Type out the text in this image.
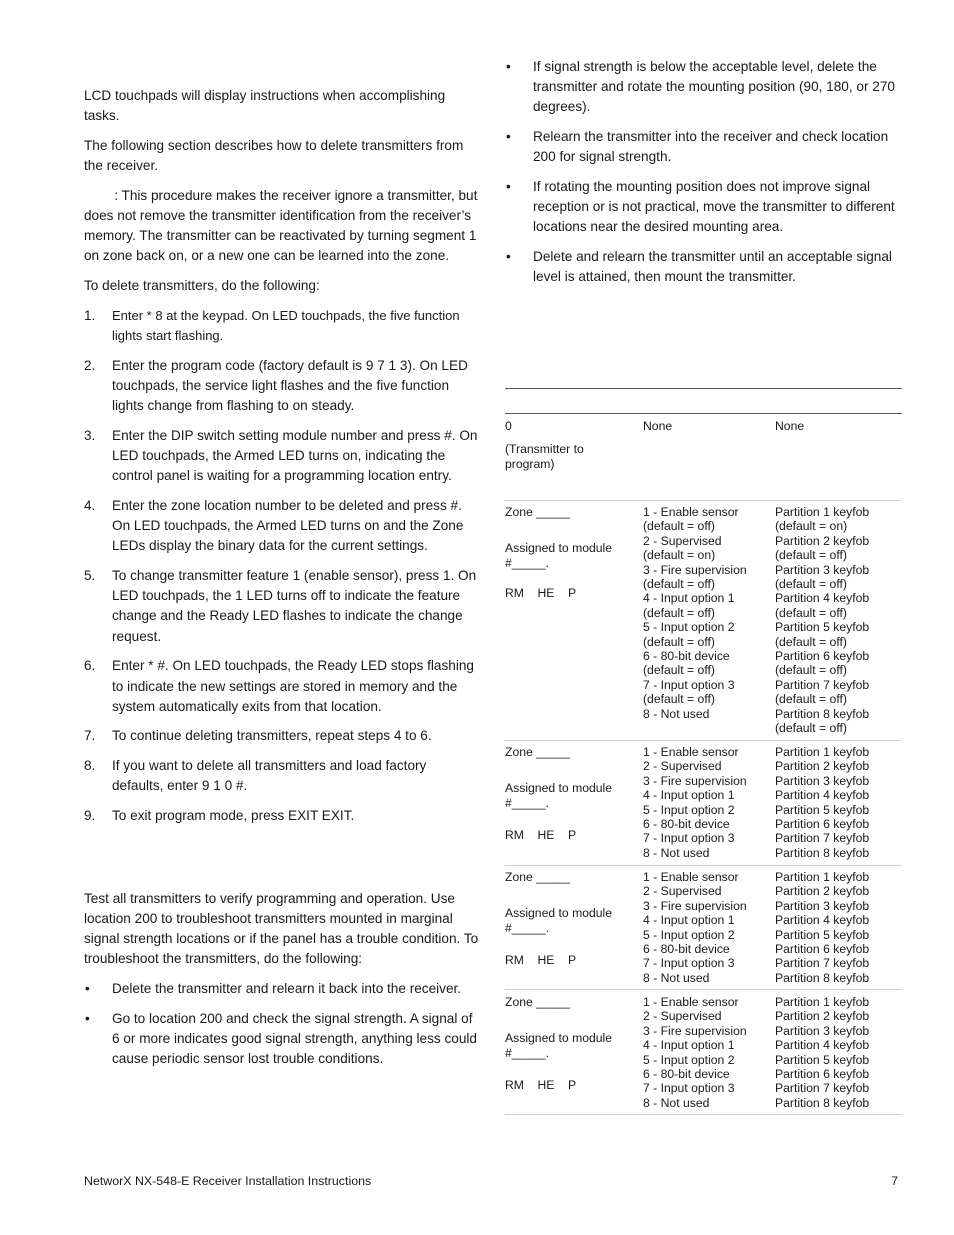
LCD touchpads will display instructions when accomplishing tasks.

The following section describes how to delete transmitters from the receiver.

: This procedure makes the receiver ignore a transmitter, but does not remove the transmitter identification from the receiver’s memory. The transmitter can be reactivated by turning segment 1 on zone back on, or a new one can be learned into the zone.

To delete transmitters, do the following:

1. Enter * 8 at the keypad. On LED touchpads, the five function lights start flashing.
2. Enter the program code (factory default is 9 7 1 3). On LED touchpads, the service light flashes and the five function lights change from flashing to on steady.
3. Enter the DIP switch setting module number and press #. On LED touchpads, the Armed LED turns on, indicating the control panel is waiting for a programming location entry.
4. Enter the zone location number to be deleted and press #. On LED touchpads, the Armed LED turns on and the Zone LEDs display the binary data for the current settings.
5. To change transmitter feature 1 (enable sensor), press 1. On LED touchpads, the 1 LED turns off to indicate the feature change and the Ready LED flashes to indicate the change request.
6. Enter * #. On LED touchpads, the Ready LED stops flashing to indicate the new settings are stored in memory and the system automatically exits from that location.
7. To continue deleting transmitters, repeat steps 4 to 6.
8. If you want to delete all transmitters and load factory defaults, enter 9 1 0 #.
9. To exit program mode, press EXIT EXIT.

Test all transmitters to verify programming and operation. Use location 200 to troubleshoot transmitters mounted in marginal signal strength locations or if the panel has a trouble condition. To troubleshoot the transmitters, do the following:

• Delete the transmitter and relearn it back into the receiver.
• Go to location 200 and check the signal strength. A signal of 6 or more indicates good signal strength, anything less could cause periodic sensor lost trouble conditions.
• If signal strength is below the acceptable level, delete the transmitter and rotate the mounting position (90, 180, or 270 degrees).
• Relearn the transmitter into the receiver and check location 200 for signal strength.
• If rotating the mounting position does not improve signal reception or is not practical, move the transmitter to different locations near the desired mounting area.
• Delete and relearn the transmitter until an acceptable signal level is attained, then mount the transmitter.
0
(Transmitter to program)
None	None
Zone _____
Assigned to module #_____.
RM    HE    P
1 - Enable sensor
(default = off)
2 - Supervised
(default = on)
3 - Fire supervision
(default = off)
4 - Input option 1
(default = off)
5 - Input option 2
(default = off)
6 - 80-bit device
(default = off)
7 - Input option 3
(default = off)
8 - Not used
Partition 1 keyfob
(default = on)
Partition 2 keyfob
(default = off)
Partition 3 keyfob
(default = off)
Partition 4 keyfob
(default = off)
Partition 5 keyfob
(default = off)
Partition 6 keyfob
(default = off)
Partition 7 keyfob
(default = off)
Partition 8 keyfob
(default = off)
Zone _____
Assigned to module #_____.
RM    HE    P
1 - Enable sensor
2 - Supervised
3 - Fire supervision
4 - Input option 1
5 - Input option 2
6 - 80-bit device
7 - Input option 3
8 - Not used
Partition 1 keyfob
Partition 2 keyfob
Partition 3 keyfob
Partition 4 keyfob
Partition 5 keyfob
Partition 6 keyfob
Partition 7 keyfob
Partition 8 keyfob
Zone _____
Assigned to module #_____.
RM    HE    P
1 - Enable sensor
2 - Supervised
3 - Fire supervision
4 - Input option 1
5 - Input option 2
6 - 80-bit device
7 - Input option 3
8 - Not used
Partition 1 keyfob
Partition 2 keyfob
Partition 3 keyfob
Partition 4 keyfob
Partition 5 keyfob
Partition 6 keyfob
Partition 7 keyfob
Partition 8 keyfob
Zone _____
Assigned to module #_____.
RM    HE    P
1 - Enable sensor
2 - Supervised
3 - Fire supervision
4 - Input option 1
5 - Input option 2
6 - 80-bit device
7 - Input option 3
8 - Not used
Partition 1 keyfob
Partition 2 keyfob
Partition 3 keyfob
Partition 4 keyfob
Partition 5 keyfob
Partition 6 keyfob
Partition 7 keyfob
Partition 8 keyfob
NetworX NX-548-E Receiver Installation Instructions	7
